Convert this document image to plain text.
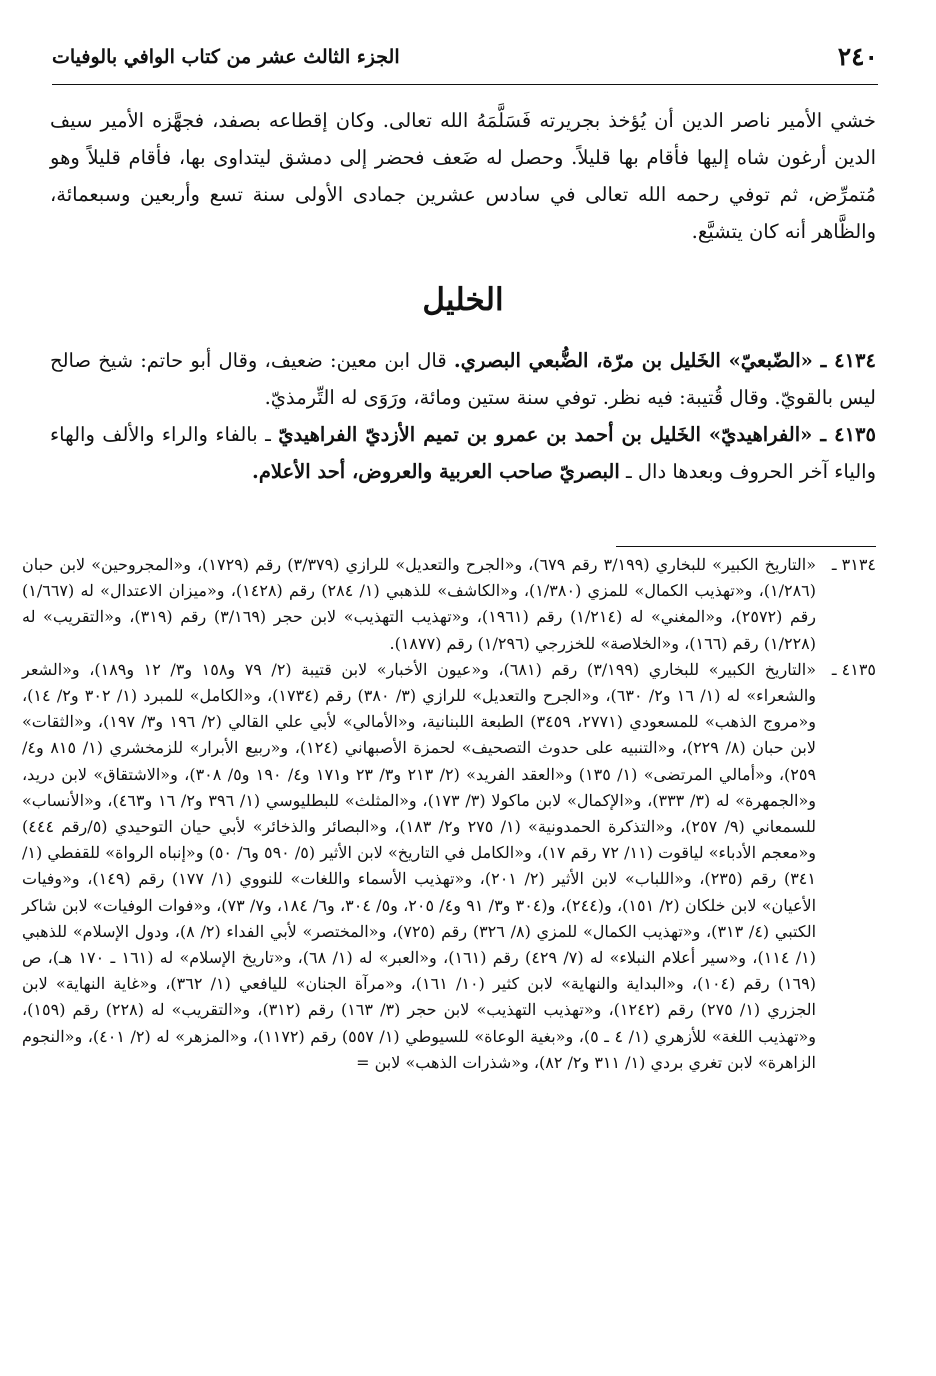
٢٤٠
الجزء الثالث عشر من كتاب الوافي بالوفيات

خشي الأمير ناصر الدين أن يُؤخذ بجريرته فَسَلَّمَهُ الله تعالى. وكان إقطاعه بصفد، فجهَّزه الأمير سيف الدين أرغون شاه إليها فأقام بها قليلاً. وحصل له ضَعف فحضر إلى دمشق ليتداوى بها، فأقام قليلاً وهو مُتمرِّض، ثم توفي رحمه الله تعالى في سادس عشرين جمادى الأولى سنة تسع وأربعين وسبعمائة، والظَّاهر أنه كان يتشيَّع.

الخليل

٤١٣٤ ـ «الضّبعيّ» الخَليل بن مرّة، الضُّبعي البصري. قال ابن معين: ضعيف، وقال أبو حاتم: شيخ صالح ليس بالقويّ. وقال قُتيبة: فيه نظر. توفي سنة ستين ومائة، ورَوَى له التِّرمذيّ.

٤١٣٥ ـ «الفراهيديّ» الخَليل بن أحمد بن عمرو بن تميم الأزديّ الفراهيديّ ـ بالفاء والراء والألف والهاء والياء آخر الحروف وبعدها دال ـ البصريّ صاحب العربية والعروض، أحد الأعلام.

٣١٣٤ ـ

«التاريخ الكبير» للبخاري (٣/١٩٩ رقم ٦٧٩)، و«الجرح والتعديل» للرازي (٣/٣٧٩) رقم (١٧٢٩)، و«المجروحين» لابن حبان (١/٢٨٦)، و«تهذيب الكمال» للمزي (١/٣٨٠)، و«الكاشف» للذهبي (١/ ٢٨٤) رقم (١٤٢٨)، و«ميزان الاعتدال» له (١/٦٦٧) رقم (٢٥٧٢)، و«المغني» له (١/٢١٤) رقم (١٩٦١)، و«تهذيب التهذيب» لابن حجر (٣/١٦٩) رقم (٣١٩)، و«التقريب» له (١/٢٢٨) رقم (١٦٦)، و«الخلاصة» للخزرجي (١/٢٩٦) رقم (١٨٧٧).

٤١٣٥ ـ

«التاريخ الكبير» للبخاري (٣/١٩٩) رقم (٦٨١)، و«عيون الأخبار» لابن قتيبة (٢/ ٧٩ و١٥٨ و٣/ ١٢ و١٨٩)، و«الشعر والشعراء» له (١/ ١٦ و٢/ ٦٣٠)، و«الجرح والتعديل» للرازي (٣/ ٣٨٠) رقم (١٧٣٤)، و«الكامل» للمبرد (١/ ٣٠٢ و٢/ ١٤)، و«مروج الذهب» للمسعودي (٢٧٧١، ٣٤٥٩) الطبعة اللبنانية، و«الأمالي» لأبي علي القالي (٢/ ١٩٦ و٣/ ١٩٧)، و«الثقات» لابن حبان (٨/ ٢٢٩)، و«التنبيه على حدوث التصحيف» لحمزة الأصبهاني (١٢٤)، و«ربيع الأبرار» للزمخشري (١/ ٨١٥ و٤/ ٢٥٩)، و«أمالي المرتضى» (١/ ١٣٥) و«العقد الفريد» (٢/ ٢١٣ و٣/ ٢٣ و١٧١ و٤/ ١٩٠ و٥/ ٣٠٨)، و«الاشتقاق» لابن دريد، و«الجمهرة» له (٣/ ٣٣٣)، و«الإكمال» لابن ماكولا (٣/ ١٧٣)، و«المثلث» للبطليوسي (١/ ٣٩٦ و٢/ ١٦ و٤٦٣)، و«الأنساب» للسمعاني (٩/ ٢٥٧)، و«التذكرة الحمدونية» (١/ ٢٧٥ و٢/ ١٨٣)، و«البصائر والذخائر» لأبي حيان التوحيدي (٥/رقم ٤٤٤) و«معجم الأدباء» لياقوت (١١/ ٧٢ رقم ١٧)، و«الكامل في التاريخ» لابن الأثير (٥/ ٥٩٠ و٦/ ٥٠) و«إنباه الرواة» للقفطي (١/ ٣٤١) رقم (٢٣٥)، و«اللباب» لابن الأثير (٢/ ٢٠١)، و«تهذيب الأسماء واللغات» للنووي (١/ ١٧٧) رقم (١٤٩)، و«وفيات الأعيان» لابن خلكان (٢/ ١٥١)، و(٢٤٤)، و(٣٠٤ و٣/ ٩١ و٤/ ٢٠٥، و٥/ ٣٠٤، و٦/ ١٨٤، و٧/ ٧٣)، و«فوات الوفيات» لابن شاكر الكتبي (٤/ ٣١٣)، و«تهذيب الكمال» للمزي (٨/ ٣٢٦) رقم (٧٢٥)، و«المختصر» لأبي الفداء (٢/ ٨)، ودول الإسلام» للذهبي (١/ ١١٤)، و«سير أعلام النبلاء» له (٧/ ٤٢٩) رقم (١٦١)، و«العبر» له (١/ ٦٨)، و«تاريخ الإسلام» له (١٦١ ـ ١٧٠ هـ)، ص (١٦٩) رقم (١٠٤)، و«البداية والنهاية» لابن كثير (١٠/ ١٦١)، و«مرآة الجنان» لليافعي (١/ ٣٦٢)، و«غاية النهاية» لابن الجزري (١/ ٢٧٥) رقم (١٢٤٢)، و«تهذيب التهذيب» لابن حجر (٣/ ١٦٣) رقم (٣١٢)، و«التقريب» له (٢٢٨) رقم (١٥٩)، و«تهذيب اللغة» للأزهري (١/ ٤ ـ ٥)، و«بغية الوعاة» للسيوطي (١/ ٥٥٧) رقم (١١٧٢)، و«المزهر» له (٢/ ٤٠١)، و«النجوم الزاهرة» لابن تغري بردي (١/ ٣١١ و٢/ ٨٢)، و«شذرات الذهب» لابن =
